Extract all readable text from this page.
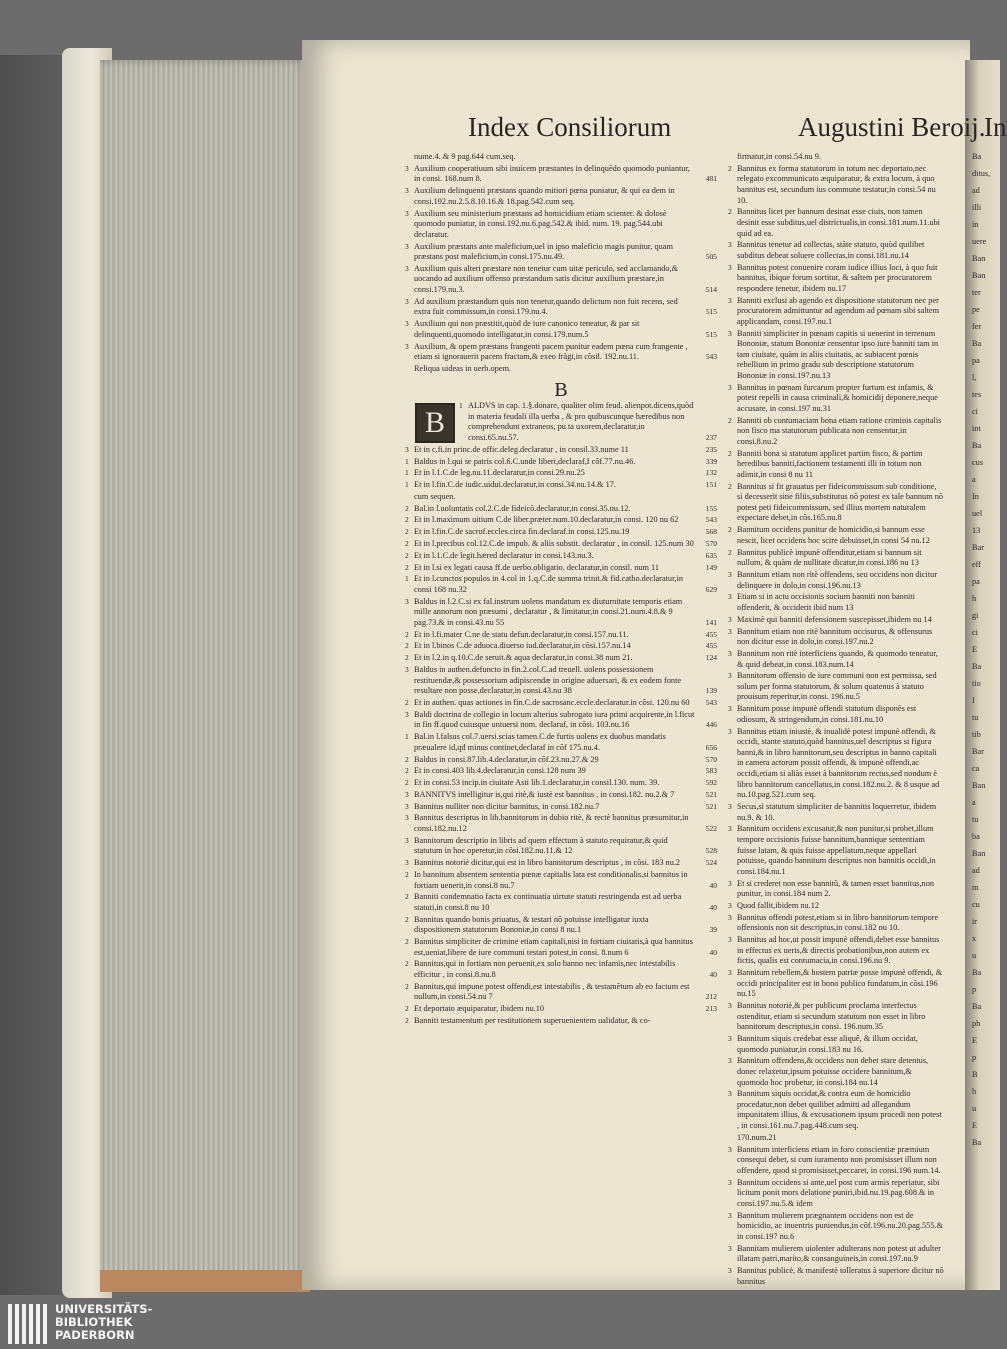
Index Consiliorum	Augustini Beroij.
In
nume.4. & 9 pag.644 cum.seq.
3 Auxilium cooperatiuum sibi inuicem præstantes in delinquẽdo quomodo puniantur, in consi. 168.num 8.	481
3 Auxilium delinquenti præstans quando mitiori pœna puniatur, & qui ea dem in consi.192.nu.2.5.8.10.16.& 18.pag.542.cum seq.
3 Auxilium seu ministerium præstans ad homicidium etiam scienter. & dolosè quomodo puniatur, in consi.192.nu.6.pag.542.& ibid. num. 19. pag.544.ubi declaratur.
3 Auxilium præstans ante maleficium,uel in ipso maleficio magis punitur, quam præstans post maleficium,in consi.175.nu.49.	505
3 Auxilium quis alteri præstare non tenetur cum uitæ periculo, sed acclamando,& uocando ad auxilium offenso præstandum satis dicitur auxilium præstare,in consi.179.nu.3.	514
3 Ad auxilium præstandum quis non tenetur,quando delictum non fuit recens, sed extra fuit commissum,in consi.179.nu.4.	515
3 Auxilium qui non præstitit,quòd de iure canonico teneatur, & par sit delinquenti,quomodo intelligatur,in consi.179.num.5	515
3 Auxilium, & opem præstans frangenti pacem punitur eadem pœna cum frangente , etiam si ignorauerit pacem fractam,& exeo frãgi,in cõsil. 192.nu.11.	543
Reliqua uideas in uerb.opem.
B
B
1 ALDVS in cap. 1.§.donare, qualiter olim feud. alienpot.dicens,quòd in materia feudali illa uerba , & pro quibuscunque hæredibus non comprehendunt extraneos, pu ta uxorem,declaratur,in consi.65.nu.57.	237
3 Et in c.fi.in princ.de offic.deleg.declaratur , in consil.33.nume 11	235
1 Baldus in l.qui se patris col.6.C.unde liberi,declaraf,I cõf.77.nu.46.	339
1 Et in l.1.C.de leg.nu.11.declaratur,in consi.29.nu.25	132
1 Et in l.fin.C.de iudic.uidui.declaratur,in consi.34.nu.14.& 17.	151
cum sequen.
2 Bal.in l.uoluntatis col.2.C.de fideicõ.declaratur,in consi.35.nu.12.	155
2 Et in l.maximum uitium C.de liber.præter.num.10.declaratur,in consi. 120 nu 62	543
2 Et in l.fin.C.de sacrof.eccles.circa fin.declaraf.in consi.125.nu.19	568
2 Et in l.precibus col.12.C.de impub. & aliis substit. declaratur , in consil. 125.num 30	570
2 Et in l.1.C.de legit.hæred declaratur in consi.143.nu.3.	635
2 Et in l.si ex legati causa ff.de uerbo.obligatio. declaratur,in consil. num 11	149
1 Et in l.cunctos populos in 4.col in 1.q.C.de summa trinit.& fid.catho.declaratur,in consi 168 nu.32	629
3 Baldus in l.2.C.si ex fal.instrum uolens mandatum ex diuturnitate temporis etiam mille annorum non præsumi , declaratur , & limitatur,in consi.21.num.4.8.& 9 pag.73.& in consi.43.nu 55	141
2 Et in l.fi.mater C.ne de statu defun.declaratur,in consi.157.nu.11.	455
2 Et in l.binos C.de aduoca.diuerso iud.declaratur,in cõsi.157.nu.14	455
2 Et in l.2.in q.10.C.de seruit.& aqua declaratur,in consi.38 num 21.	124
3 Baldus in authen.defuncto in fin.2.col.C.ad treuell. uolens possessionem restituendæ,& possessorium adipiscendæ in origine aduersari, & ex eodem fonte resultare non posse,declaratur,in consi.43.nu 38	139
2 Et in authen. quas actiones in fin.C.de sacrosanc.eccle.declaratur.in cõsi. 120.nu 60	543
3 Baldi doctrina de collegio in locum alterius subrogato iura primi acquirente,in l.ficut in fin ff.quod cuiusque uniuersi nom. declaraf, in cõsi. 103.nu.16	446
1 Bal.in l.falsus col.7.uersi.scias tamen.C.de furtis uolens ex duobus mandatis præualere id,qđ minus continet,declaraf in cõf 175.nu.4.	656
2 Baldus in consi.87.lib.4.declaratur,in cõf.23.nu.27.& 29	570
2 Et in consi.403 lib.4.declaratur,in consi.128 num 39	583
2 Et in consi.53 incip.in ciuitate Asti lib.1.declaratur,in consil.130. num. 39.	592
3 BANNITVS intelligitur is,qui ritè,& iustè est bannitus , in consi.182. nu.2.& 7	521
3 Bannitus nulliter non dicitur bannitus, in consi.182.nu.7	521
3 Bannitus descriptus in lib.bannitorum in dubio ritè, & rectè bannitus præsumitur,in consi.182.nu.12	522
3 Bannitorum descriptio in libris ad quem effectum à statuto requiratur,& quid statutum in hoc operetur,in cõsi.182.nu.11.& 12	528
3 Bannitus notoriè dicitur,qui est in libro bannitorum descriptus , in cõsi. 183 nu.2	524
2 In bannitum absentem sententia pœnæ capitalis lata est conditionalis,si bannitus in fortiam uenerit,in consi.8 nu.7	40
2 Banniti condemnatio facta ex continuatia uirtute statuti restringenda est ad uerba statuti,in consi.8 nu 10	40
2 Bannitus quando bonis priuatus, & testari nõ potuisse intelligatur iuxta dispositionem statutorum Bononiæ,in consi 8 nu.1	39
2 Bannitus simpliciter de crimine etiam capitali,nisi in fortiam ciuitatis,à qua bannitus est,ueniat,libere de iure communi testari potest,in consi. 8.num 6	40
2 Bannitus,qui in fortiam non peruenit,ex solo banno nec infamis,nec intestabilis efficitur , in consi.8.nu.8	40
2 Bannitus,qui impune potest offendi,est intestabilis , & testamẽtum ab eo factum est nullum,in consi.54.nu 7	212
2 Et deportato æquiparatur, ibidem nu.10	213
2 Banniti testamentum per restitutionem superuenientem ualidatur, & co-
firmatur,in consi.54.nu 9.
2 Bannitus ex forma statutorum in totum nec deportato,nec relegato excommunicato æquiparatur, & extra locum, à quo bannitus est, secundum ius commune testatur,in consi.54 nu 10.
2 Bannitus licet per bannum desinat esse ciuis, non tamen desinit esse subditus,uel districtualis,in consi.181.num.11.ubi quid ad ea.
3 Bannitus tenetur ad collectas, stãte statuto, quòd quilibet subditus debeat soluere collectas,in consi.181.nu.14
3 Bannitus potest conuenire coram iudice illius loci, à quo fuit bannitus, ibique forum sortitur, & saltem per procuratorem respondere tenetur, ibidem nu.17
3 Banniti exclusi ab agendo ex dispositione statutorum nec per procuratorem admittuntur ad agendum ad pœnam sibi saltem applicandam, consi.197.nu.1
3 Banniti simpliciter in pœnam capitis si uenerint in terrenum Bononiæ, statum Bononiæ censentur ipso iure banniti tam in tam ciuitate, quàm in aliis ciuitatis, ac subiacent pœnis rebellium in primo gradu sub descriptione statutorum Bononiæ in consi.197.nu.13
3 Bannitus in pœnam furcarum propter furtum est infamis, & potest repelli in causa criminali,& homicidij deponere,neque accusare, in consi.197 nu.31
2 Banniti ob contumaciam bona etiam ratione criminis capitalis non fisco ma statutorum publicata non censentur,in consi.8.nu.2
2 Banniti bona si statutum applicet partim fisco, & partim heredibus banniti,factionem testamenti illi in totum non adimit,in consi 8 nu 11
2 Bannitus si fit grauatus per fideicommissum sub conditione, si decesserit sine filiis,substitutus nõ potest ex tale bannum nõ potest peti fideicommissum, sed illius mortem naturalem expectare debet,in cõs.165.nu.8
2 Bannitum occidens punitur de homicidio,si bannum esse nescit, licet occidens hoc scire debuisset,in consi 54 nu.12
2 Bannitus publicè impunè offenditur,etiam si bannum sit nullum, & quàm de nullitate dicatur,in consi.186 nu 13
3 Bannitum etiam non ritè offendens, seu occidens non dicitur delinquere in dolo,in consi.196.nu.13
3 Etiam si in actu occisionis socium banniti non banniti offenderit, & occiderit ibid num 13
3 Maximè qui banniti defensionem suscepisset,ibidem nu 14
3 Bannitum etiam non ritè bannitum occisurus, & offensurus non dicitur esse in dolo,in consi.197.nu.2
3 Bannitum non ritè interficiens quando, & quomodo teneatur, & quid debeat,in consi.183.num.14
3 Bannitorum offensio de iure communi non est permissa, sed solum per forma statutorum, & solum quatenus à statuto prouisum reperitur,in consi. 196.nu.5
3 Bannitum posse impunè offendi statutum disponẽs est odiosum, & stringendum,in consi.181.nu.10
3 Bannitus etiam iniustè, & inualidè potest impunè offendi, & occidi, stante statuto,quòd bannitus,uel descriptus si figura banni,& in libro bannitorum,seu descriptus in banno capitali in camera actorum possit offendi, & impunè offendi,ac occidi,etiam si aliàs esset à bannitorum rectus,sed nondum è libro bannitorum cancellatus,in consi.182.nu.2. & 8 usque ad nu.10.pag.521.cum seq.
3 Secus,si statutum simpliciter de bannitis loquerretur, ibidem nu.9. & 10.
3 Bannitum occidens excusatur,& non punitur,si probet,illum tempore occisionis fuisse bannitum,bannique sententiam fuisse latam, & quis fuisse appellatum,neque appellari potuisse, quando bannitum descriptus non bannitis occidi,in consi.184.nu.1
3 Et si crederet non esse bannitũ, & tamen esset bannitus,non punitur, in consi.184 num 2.
3 Quod fallit,ibidem nu.12
3 Bannitus offendi potest,etiam si in libro bannitorum tempore offensionis non sit descriptus,in consi.182 nu 10.
3 Bannitus ad hoc,ut possit impunè offendi,debet esse bannitus in effectus ex ueris,& directis probationibus,non autem ex fictis, qualis est contumacia,in consi.196.nu 9.
3 Bannitum rebellem,& hostem patriæ posse impunè offendi, & occidi principaliter est in bono publico fundatum,in cõsi.196 nu.15
3 Bannitus notoriè,& per publicum proclama interfectus ostenditur, etiam si secundum statutum non esset in libro bannitorum descriptus,in consi. 196.num.35
3 Bannitum siquis credebat esse aliquẽ, & illum occidat, quomodo puniatur,in consi.183 nu 16.
3 Bannitum offendens,& occidens non debet stare detentus, donec relaxetur,ipsum potuisse occidere bannitum,& quomodo hoc probetur, in consi.184 nu.14
3 Bannitum siquis occidat,& contra eum de homicidio procedatur,non debet quilibet admitti ad allegandum impunitatem illius, & excusationem ipsum procedi non potest , in consi.161.nu.7.pag.448.cum seq.
170.num.21
3 Bannitum interficiens etiam in foro conscientiæ præmium consequi debet, si cum iuramento non promisisset illum non offendere, quod si promisisset,peccaret, in consi.196 num.14.
3 Bannitum occidens si ante,uel post cum armis reperiatur, sibi licitum ponit mors delatione puniri,ibid.nu.19.pag.608.& in consi.197.nu.5.& idem
3 Bannitum mulierem prægnantem occidens non est de homicidio, ac inuentris puniendus,in cõf.196.nu.20.pag.555.& in consi.197 nu.6
3 Bannitam mulierem uiolenter adulterans non potest ut adulter illatam patri,marito,& consanguineis,in consi.197.nu.9
3 Bannitus publicè, & manifestè tolleratus à superiore dicitur nõ bannitus
Ba
ditus,
ad
illi
in
uere
Ban
Ban
ter
pe
fer
Ba
pa
l,
tes
ci
int
Ba
cus
a
In
uel
13
Bar
eff
pa
h
gi
ci
E
Ba
tio
I
tu
tib
Bar
ca
Ban
a
tu
ba
Ban
ad
m
cu
ir
x
u
Ba
p
Ba
ph
E
p
B
h
u
E
Ba
UNIVERSITÄTS-
BIBLIOTHEK
PADERBORN
